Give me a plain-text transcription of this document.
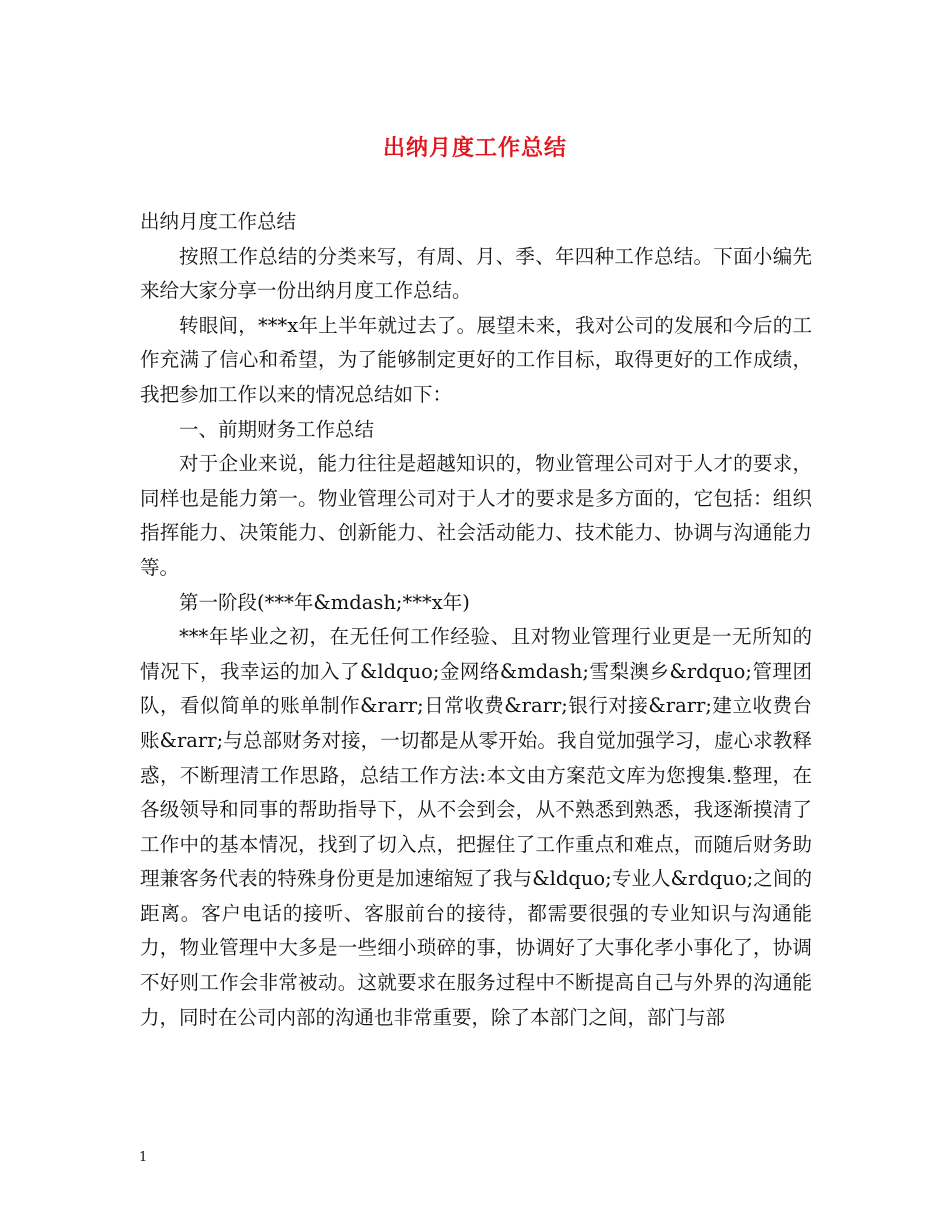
出纳月度工作总结

出纳月度工作总结

按照工作总结的分类来写，有周、月、季、年四种工作总结。下面小编先来给大家分享一份出纳月度工作总结。

转眼间，***x年上半年就过去了。展望未来，我对公司的发展和今后的工作充满了信心和希望，为了能够制定更好的工作目标，取得更好的工作成绩，我把参加工作以来的情况总结如下：

一、前期财务工作总结

对于企业来说，能力往往是超越知识的，物业管理公司对于人才的要求，同样也是能力第一。物业管理公司对于人才的要求是多方面的，它包括：组织指挥能力、决策能力、创新能力、社会活动能力、技术能力、协调与沟通能力等。

第一阶段(***年&mdash;***x年)

***年毕业之初，在无任何工作经验、且对物业管理行业更是一无所知的情况下，我幸运的加入了&ldquo;金网络&mdash;雪梨澳乡&rdquo;管理团队，看似简单的账单制作&rarr;日常收费&rarr;银行对接&rarr;建立收费台账&rarr;与总部财务对接，一切都是从零开始。我自觉加强学习，虚心求教释惑，不断理清工作思路，总结工作方法:本文由方案范文库为您搜集.整理，在各级领导和同事的帮助指导下，从不会到会，从不熟悉到熟悉，我逐渐摸清了工作中的基本情况，找到了切入点，把握住了工作重点和难点，而随后财务助理兼客务代表的特殊身份更是加速缩短了我与&ldquo;专业人&rdquo;之间的距离。客户电话的接听、客服前台的接待，都需要很强的专业知识与沟通能力，物业管理中大多是一些细小琐碎的事，协调好了大事化孝小事化了，协调不好则工作会非常被动。这就要求在服务过程中不断提高自己与外界的沟通能力，同时在公司内部的沟通也非常重要，除了本部门之间，部门与部

1
